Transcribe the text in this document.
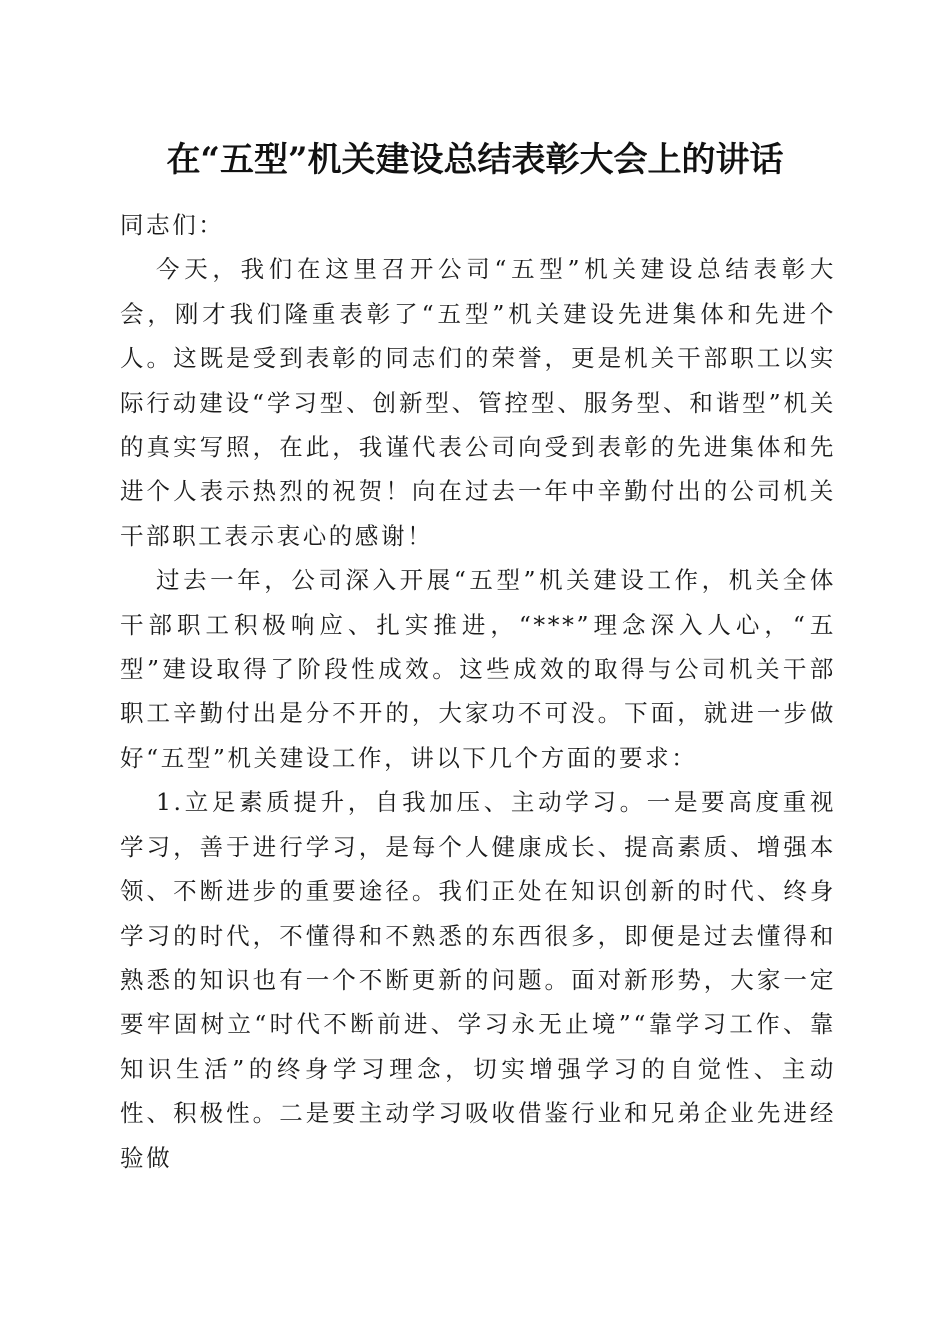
在“五型”机关建设总结表彰大会上的讲话

同志们：

今天，我们在这里召开公司“五型”机关建设总结表彰大会，刚才我们隆重表彰了“五型”机关建设先进集体和先进个人。这既是受到表彰的同志们的荣誉，更是机关干部职工以实际行动建设“学习型、创新型、管控型、服务型、和谐型”机关的真实写照，在此，我谨代表公司向受到表彰的先进集体和先进个人表示热烈的祝贺！向在过去一年中辛勤付出的公司机关干部职工表示衷心的感谢！

过去一年，公司深入开展“五型”机关建设工作，机关全体干部职工积极响应、扎实推进，“***”理念深入人心，“五型”建设取得了阶段性成效。这些成效的取得与公司机关干部职工辛勤付出是分不开的，大家功不可没。下面，就进一步做好“五型”机关建设工作，讲以下几个方面的要求：

1.立足素质提升，自我加压、主动学习。一是要高度重视学习，善于进行学习，是每个人健康成长、提高素质、增强本领、不断进步的重要途径。我们正处在知识创新的时代、终身学习的时代，不懂得和不熟悉的东西很多，即便是过去懂得和熟悉的知识也有一个不断更新的问题。面对新形势，大家一定要牢固树立“时代不断前进、学习永无止境”“靠学习工作、靠知识生活”的终身学习理念，切实增强学习的自觉性、主动性、积极性。二是要主动学习吸收借鉴行业和兄弟企业先进经验做
